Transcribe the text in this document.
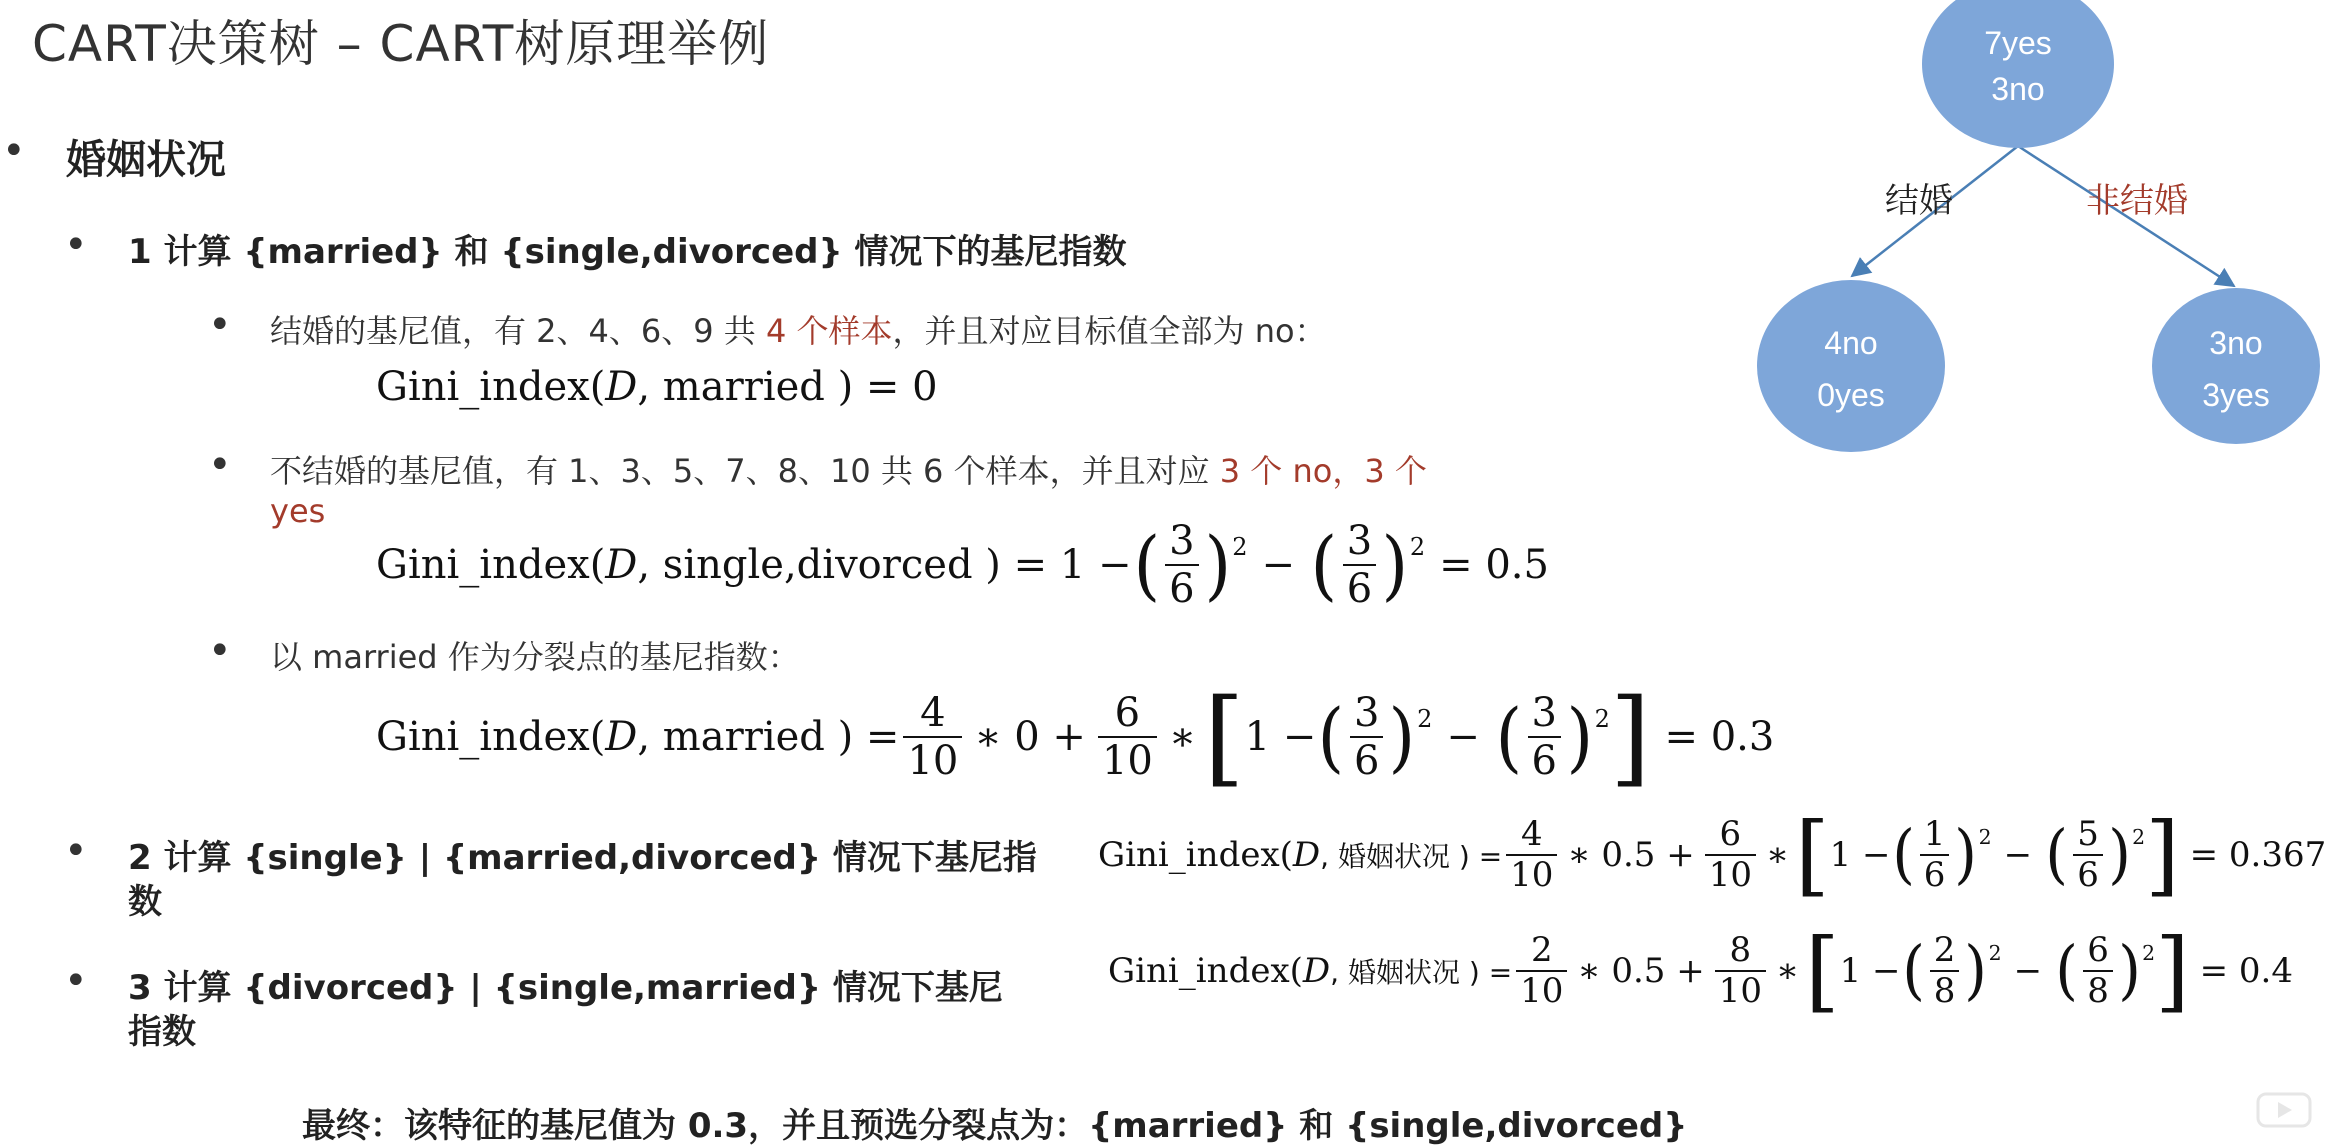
CART决策树 – CART树原理举例
• 婚姻状况
• 1 计算 {married} 和 {single,divorced} 情况下的基尼指数
• 结婚的基尼值，有 2、4、6、9 共 4 个样本，并且对应目标值全部为 no：
Gini_index(D, married ) = 0
• 不结婚的基尼值，有 1、3、5、7、8、10 共 6 个样本，并且对应 3 个 no，3 个
yes
Gini_index( D , single,divorced ) = 1 − ( $\frac{3}{6}$ ) 2 − ( $\frac{3}{6}$ ) 2 = 0.5
• 以 married 作为分裂点的基尼指数：
Gini_index( D , married ) = $\frac{4}{10}$ ∗ $0 + \frac{6}{10}$ ∗ [ 1 − ( $\frac{3}{6}$ ) 2 − ( $\frac{3}{6}$ ) 2 ] = 0.3
• 2 计算 {single} | {married,divorced} 情况下基尼指
数
Gini_index( D , 婚姻状况 ) = $\frac{4}{10}$ ∗ $0.5 + \frac{6}{10}$ ∗ [ 1 − ( $\frac{1}{6}$ ) 2 − ( $\frac{5}{6}$ ) 2 ] = 0.367
• 3 计算 {divorced} | {single,married} 情况下基尼
指数
Gini_index( D , 婚姻状况 ) = $\frac{2}{10}$ ∗ $0.5 + \frac{8}{10}$ ∗ [ 1 − ( $\frac{2}{8}$ ) 2 − ( $\frac{6}{8}$ ) 2 ] = 0.4
最终：该特征的基尼值为 0.3，并且预选分裂点为：{married} 和 {single,divorced}
7yes
3no
结婚	非结婚
4no
0yes
3no
3yes
